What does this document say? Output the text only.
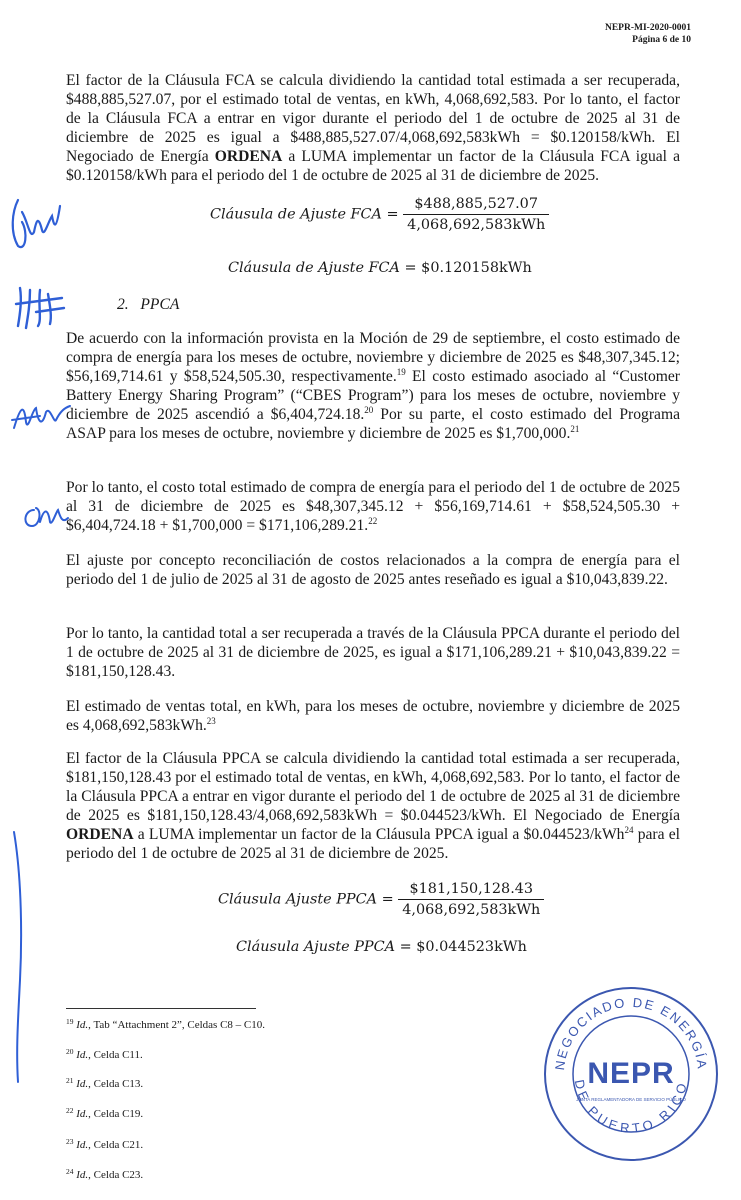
NEPR-MI-2020-0001
Página 6 de 10
El factor de la Cláusula FCA se calcula dividiendo la cantidad total estimada a ser recuperada, $488,885,527.07, por el estimado total de ventas, en kWh, 4,068,692,583. Por lo tanto, el factor de la Cláusula FCA a entrar en vigor durante el periodo del 1 de octubre de 2025 al 31 de diciembre de 2025 es igual a $488,885,527.07/4,068,692,583kWh = $0.120158/kWh. El Negociado de Energía ORDENA a LUMA implementar un factor de la Cláusula FCA igual a $0.120158/kWh para el periodo del 1 de octubre de 2025 al 31 de diciembre de 2025.
Cláusula de Ajuste FCA = $\frac{\$488,885,527.07}{\text{4,068,692,583kWh}}$
Cláusula de Ajuste FCA = $0.120158kWh
2. PPCA
De acuerdo con la información provista en la Moción de 29 de septiembre, el costo estimado de compra de energía para los meses de octubre, noviembre y diciembre de 2025 es $48,307,345.12; $56,169,714.61 y $58,524,505.30, respectivamente.$^{19}$ El costo estimado asociado al “Customer Battery Energy Sharing Program” (“CBES Program”) para los meses de octubre, noviembre y diciembre de 2025 ascendió a $6,404,724.18.20 Por su parte, el costo estimado del Programa ASAP para los meses de octubre, noviembre y diciembre de 2025 es $1,700,000.21
Por lo tanto, el costo total estimado de compra de energía para el periodo del 1 de octubre de 2025 al 31 de diciembre de 2025 es $48,307,345.12 + $56,169,714.61 + $58,524,505.30 + $6,404,724.18 + $1,700,000 = $171,106,289.21.22
El ajuste por concepto reconciliación de costos relacionados a la compra de energía para el periodo del 1 de julio de 2025 al 31 de agosto de 2025 antes reseñado es igual a $10,043,839.22.
Por lo tanto, la cantidad total a ser recuperada a través de la Cláusula PPCA durante el periodo del 1 de octubre de 2025 al 31 de diciembre de 2025, es igual a $171,106,289.21 + $10,043,839.22 = $181,150,128.43.
El estimado de ventas total, en kWh, para los meses de octubre, noviembre y diciembre de 2025 es 4,068,692,583kWh.$^{23}$
El factor de la Cláusula PPCA se calcula dividiendo la cantidad total estimada a ser recuperada, $181,150,128.43 por el estimado total de ventas, en kWh, 4,068,692,583. Por lo tanto, el factor de la Cláusula PPCA a entrar en vigor durante el periodo del 1 de octubre de 2025 al 31 de diciembre de 2025 es $181,150,128.43/4,068,692,583kWh = $0.044523/kWh. El Negociado de Energía ORDENA a LUMA implementar un factor de la Cláusula PPCA igual a $0.044523/kWh$^{24}$ para el periodo del 1 de octubre de 2025 al 31 de diciembre de 2025.
Cláusula Ajuste PPCA = $\frac{\$181,150,128.43}{\text{4,068,692,583kWh}}$
Cláusula Ajuste PPCA = $0.044523kWh
$^{19}$ Id., Tab “Attachment 2”, Celdas C8 – C10.
$^{20}$ Id., Celda C11.
$^{21}$ Id., Celda C13.
$^{22}$ Id., Celda C19.
$^{23}$ Id., Celda C21.
$^{24}$ Id., Celda C23.
NEGOCIADO DE ENERGÍA
DE PUERTO RICO
NEPR
JUNTA REGLAMENTADORA DE SERVICIO PÚBLICO
